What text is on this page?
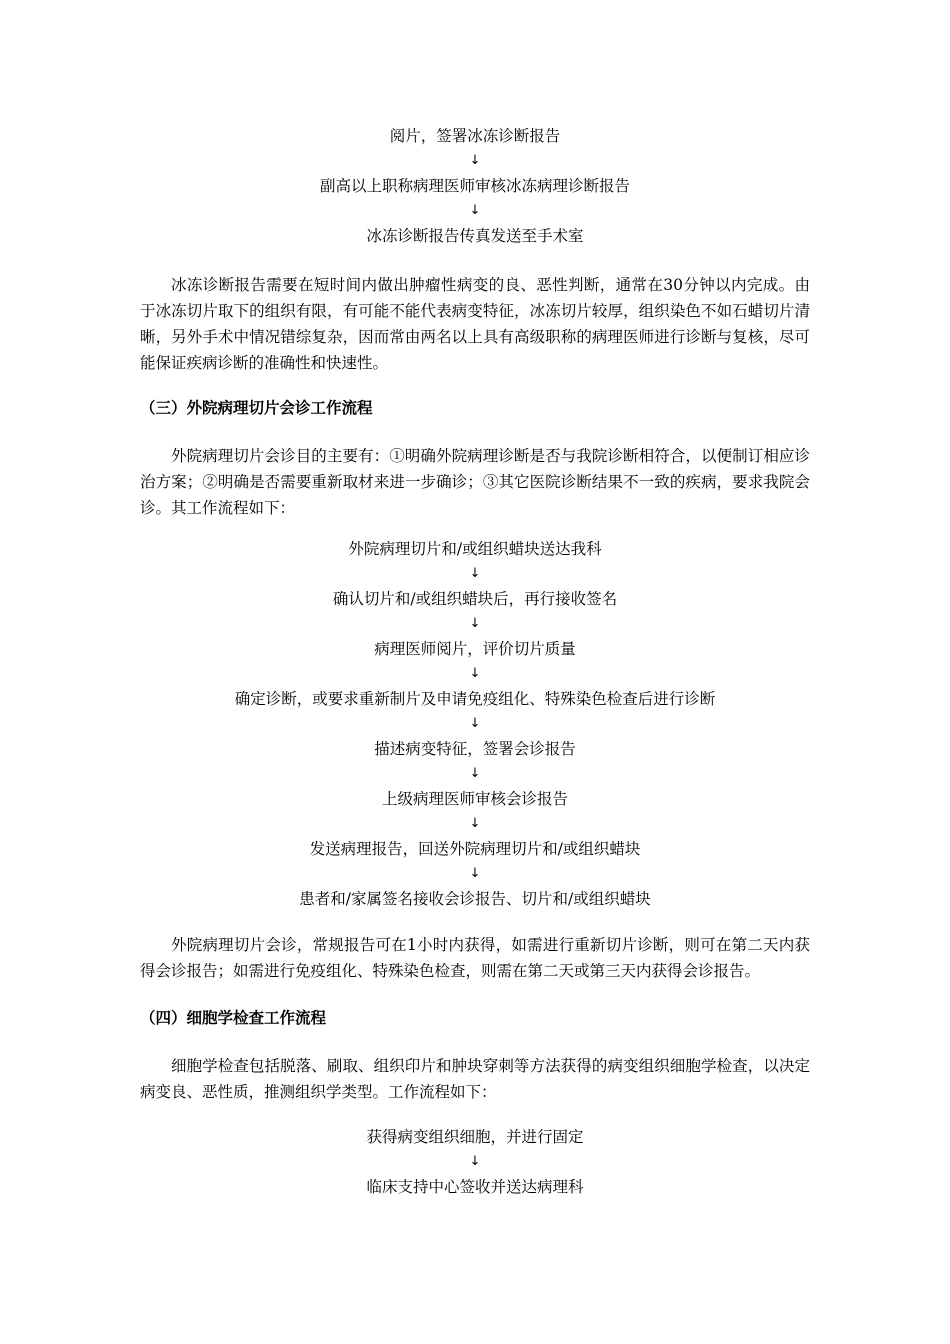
阅片，签署冰冻诊断报告
↓
副高以上职称病理医师审核冰冻病理诊断报告
↓
冰冻诊断报告传真发送至手术室

冰冻诊断报告需要在短时间内做出肿瘤性病变的良、恶性判断，通常在30分钟以内完成。由于冰冻切片取下的组织有限，有可能不能代表病变特征，冰冻切片较厚，组织染色不如石蜡切片清晰，另外手术中情况错综复杂，因而常由两名以上具有高级职称的病理医师进行诊断与复核，尽可能保证疾病诊断的准确性和快速性。

（三）外院病理切片会诊工作流程

外院病理切片会诊目的主要有：①明确外院病理诊断是否与我院诊断相符合，以便制订相应诊治方案；②明确是否需要重新取材来进一步确诊；③其它医院诊断结果不一致的疾病，要求我院会诊。其工作流程如下：

外院病理切片和/或组织蜡块送达我科
↓
确认切片和/或组织蜡块后，再行接收签名
↓
病理医师阅片，评价切片质量
↓
确定诊断，或要求重新制片及申请免疫组化、特殊染色检查后进行诊断
↓
描述病变特征，签署会诊报告
↓
上级病理医师审核会诊报告
↓
发送病理报告，回送外院病理切片和/或组织蜡块
↓
患者和/家属签名接收会诊报告、切片和/或组织蜡块

外院病理切片会诊，常规报告可在1小时内获得，如需进行重新切片诊断，则可在第二天内获得会诊报告；如需进行免疫组化、特殊染色检查，则需在第二天或第三天内获得会诊报告。

（四）细胞学检查工作流程

细胞学检查包括脱落、刷取、组织印片和肿块穿刺等方法获得的病变组织细胞学检查，以决定病变良、恶性质，推测组织学类型。工作流程如下：

获得病变组织细胞，并进行固定
↓
临床支持中心签收并送达病理科
